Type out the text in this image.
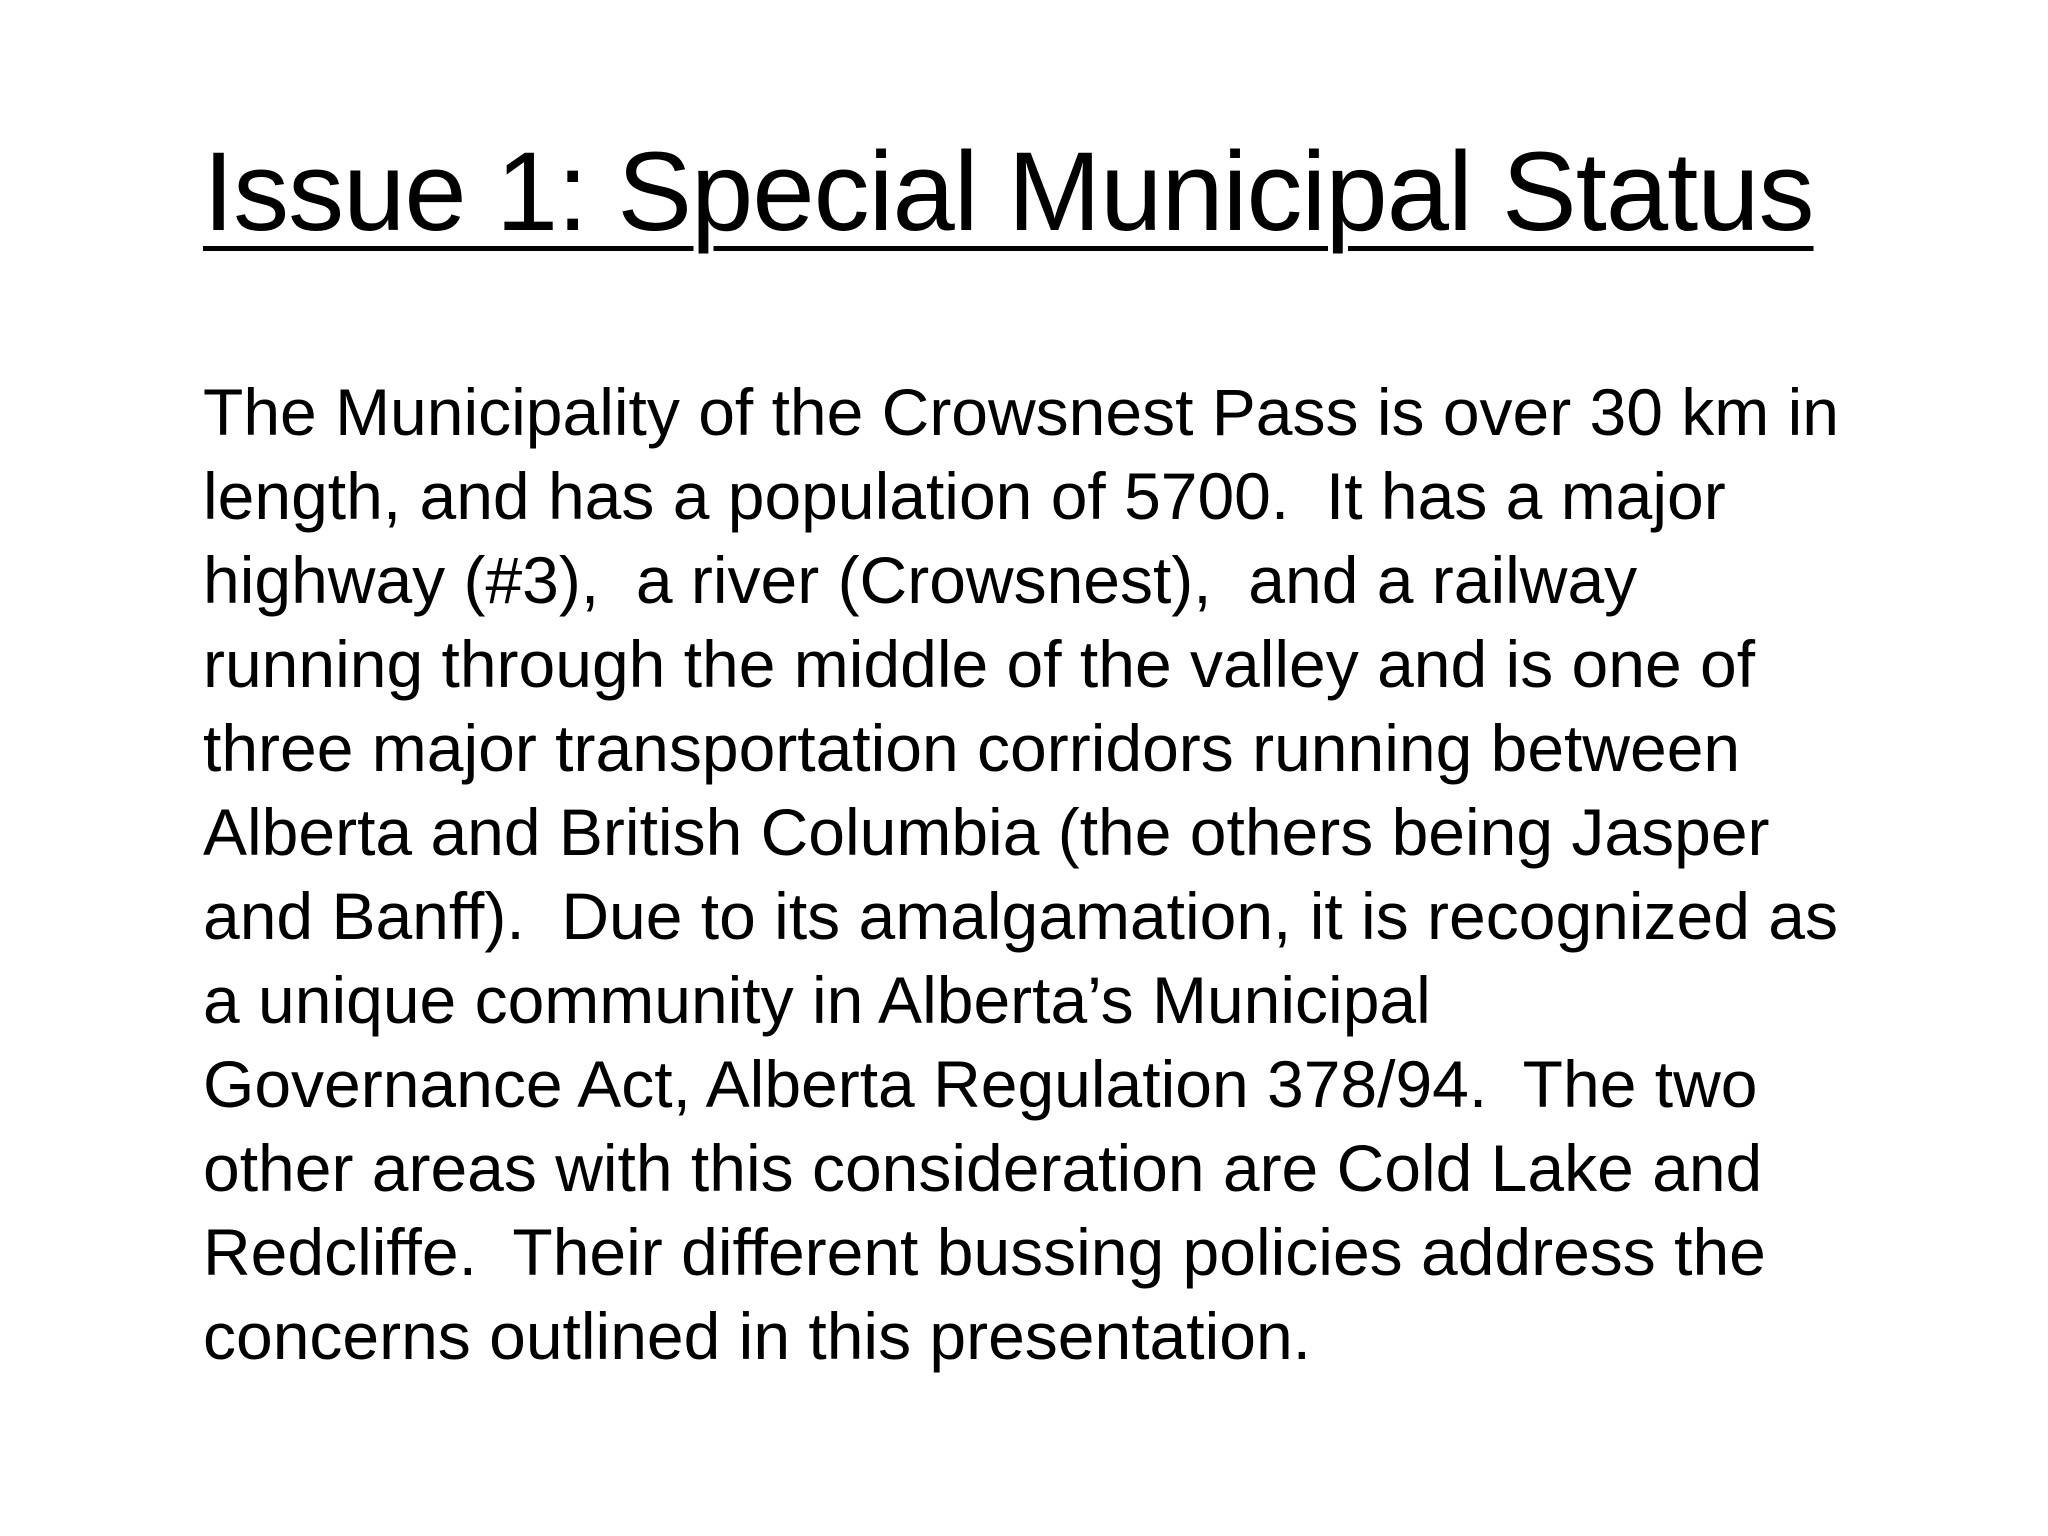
Issue 1: Special Municipal Status
The Municipality of the Crowsnest Pass is over 30 km in
length, and has a population of 5700.  It has a major
highway (#3),  a river (Crowsnest),  and a railway
running through the middle of the valley and is one of
three major transportation corridors running between
Alberta and British Columbia (the others being Jasper
and Banff).  Due to its amalgamation, it is recognized as
a unique community in Alberta’s Municipal
Governance Act, Alberta Regulation 378/94.  The two
other areas with this consideration are Cold Lake and
Redcliffe.  Their different bussing policies address the
concerns outlined in this presentation.
